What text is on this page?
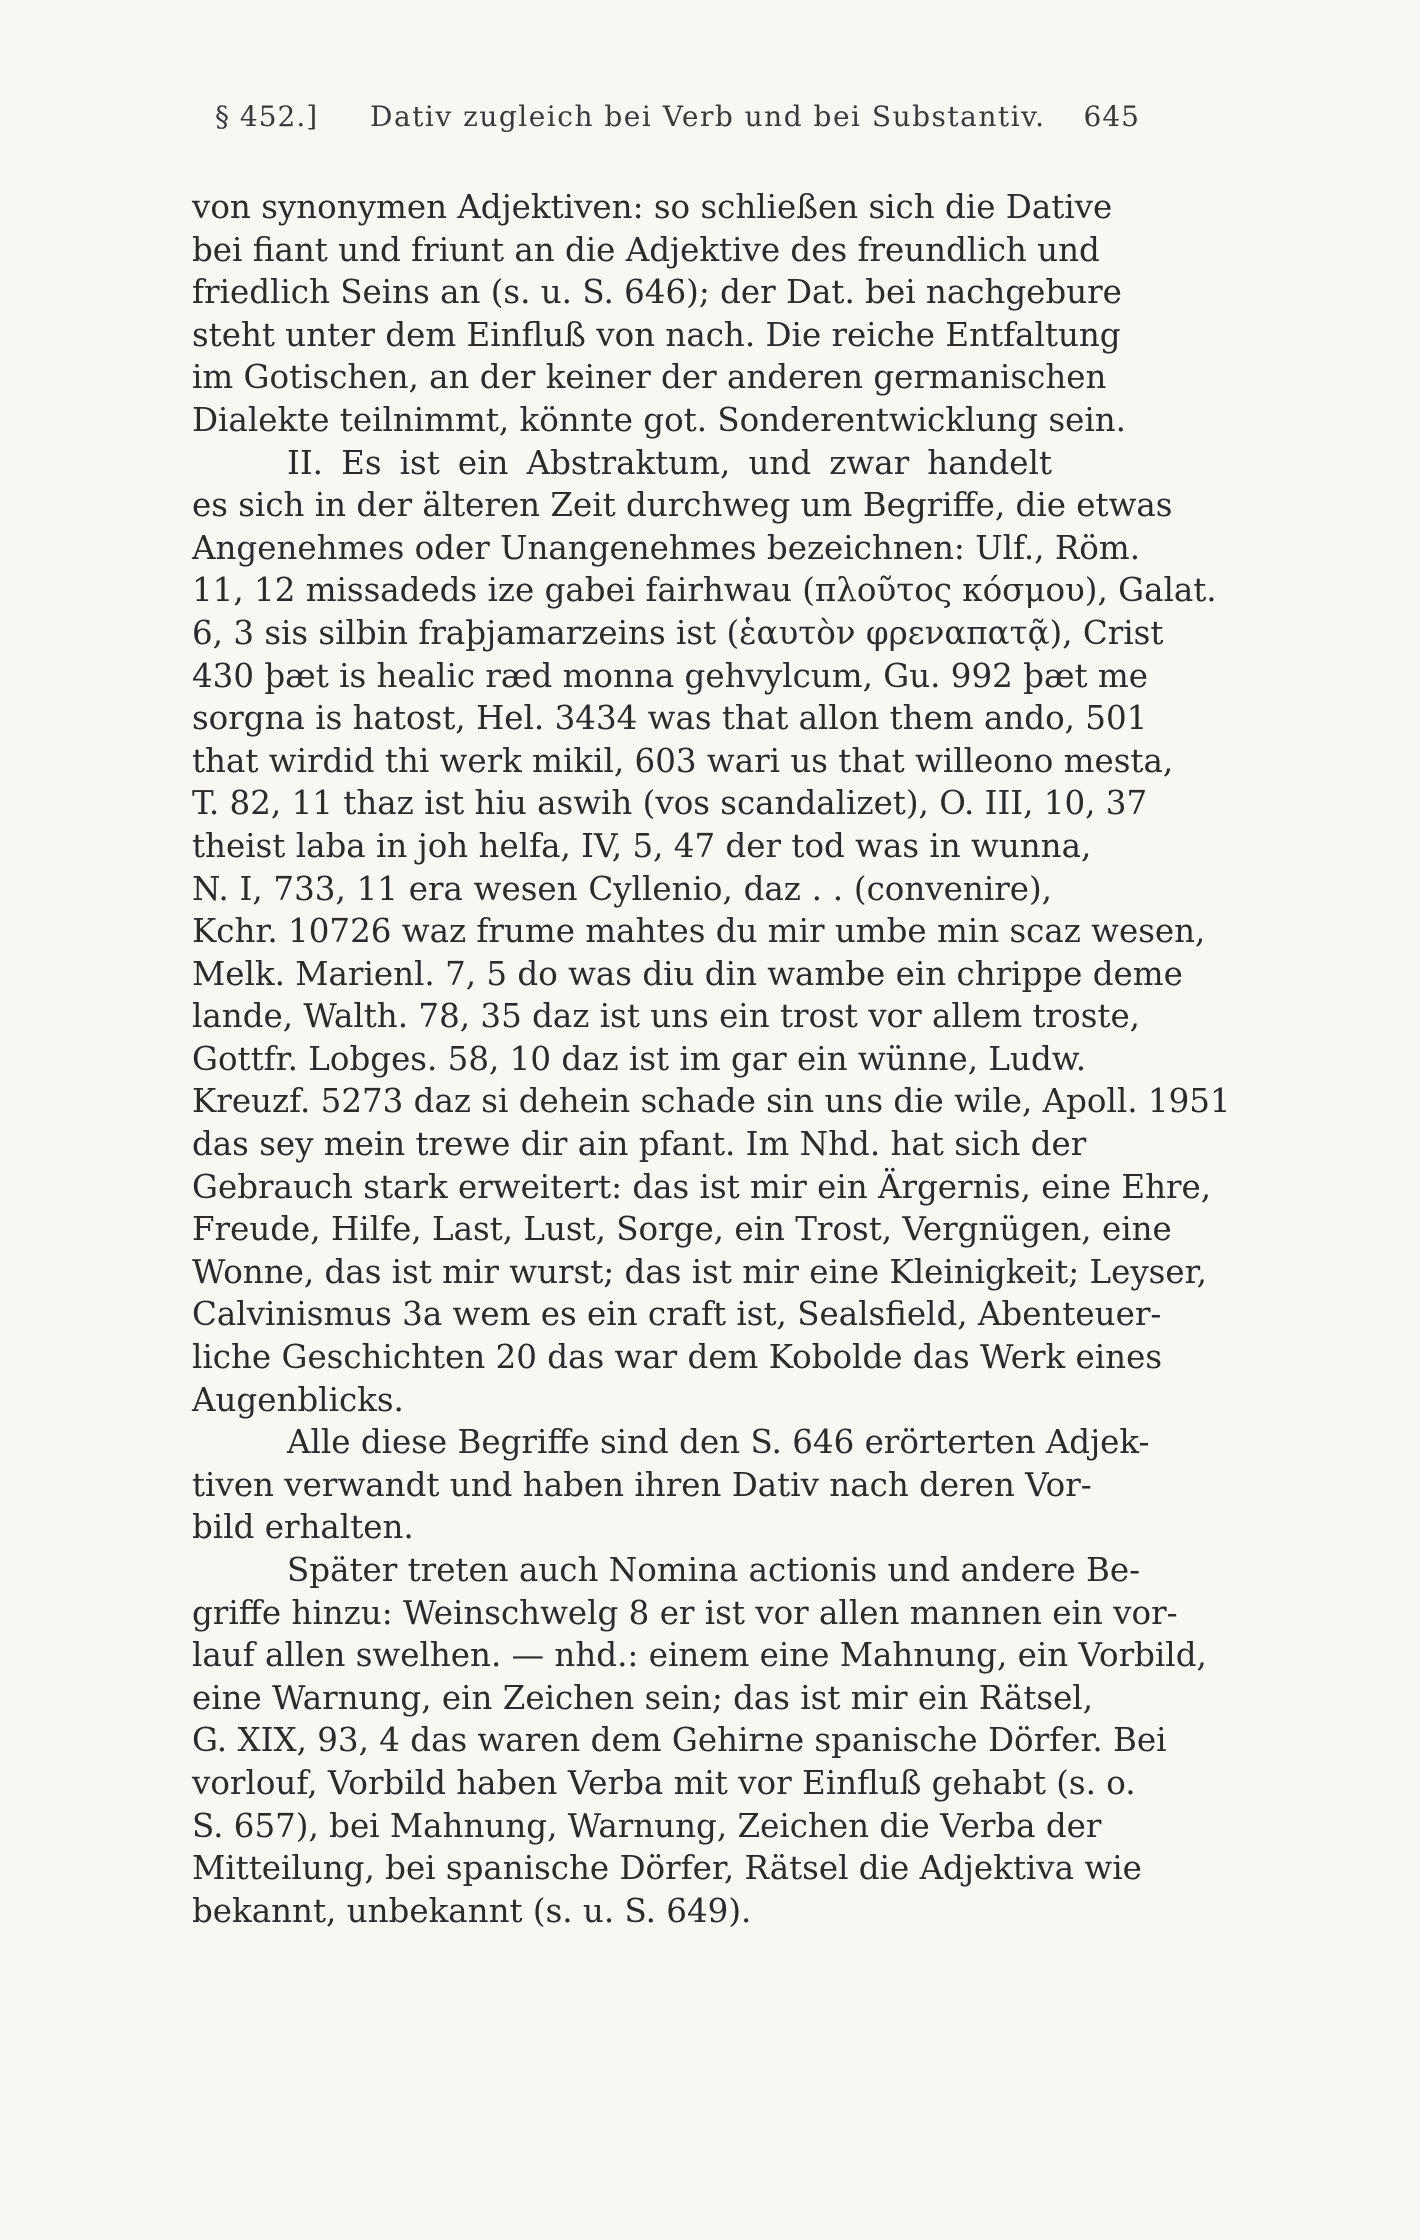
§ 452.] Dativ zugleich bei Verb und bei Substantiv. 645
von synonymen Adjektiven: so schließen sich die Dative
bei fiant und friunt an die Adjektive des freundlich und
friedlich Seins an (s. u. S. 646); der Dat. bei nachgebure
steht unter dem Einfluß von nach. Die reiche Entfaltung
im Gotischen, an der keiner der anderen germanischen
Dialekte teilnimmt, könnte got. Sonderentwicklung sein.
II. Es ist ein Abstraktum, und zwar handelt
es sich in der älteren Zeit durchweg um Begriffe, die etwas
Angenehmes oder Unangenehmes bezeichnen: Ulf., Röm.
11, 12 missadeds ize gabei fairhwau (πλοῦτος κόσμου), Galat.
6, 3 sis silbin fraþjamarzeins ist (ἑαυτὸν φρεναπατᾷ), Crist
430 þæt is healic ræd monna gehvylcum, Gu. 992 þæt me
sorgna is hatost, Hel. 3434 was that allon them ando, 501
that wirdid thi werk mikil, 603 wari us that willeono mesta,
T. 82, 11 thaz ist hiu aswih (vos scandalizet), O. III, 10, 37
theist laba in joh helfa, IV, 5, 47 der tod was in wunna,
N. I, 733, 11 era wesen Cyllenio, daz . . (convenire),
Kchr. 10726 waz frume mahtes du mir umbe min scaz wesen,
Melk. Marienl. 7, 5 do was diu din wambe ein chrippe deme
lande, Walth. 78, 35 daz ist uns ein trost vor allem troste,
Gottfr. Lobges. 58, 10 daz ist im gar ein wünne, Ludw.
Kreuzf. 5273 daz si dehein schade sin uns die wile, Apoll. 1951
das sey mein trewe dir ain pfant. Im Nhd. hat sich der
Gebrauch stark erweitert: das ist mir ein Ärgernis, eine Ehre,
Freude, Hilfe, Last, Lust, Sorge, ein Trost, Vergnügen, eine
Wonne, das ist mir wurst; das ist mir eine Kleinigkeit; Leyser,
Calvinismus 3a wem es ein craft ist, Sealsfield, Abenteuer-
liche Geschichten 20 das war dem Kobolde das Werk eines
Augenblicks.
Alle diese Begriffe sind den S. 646 erörterten Adjek-
tiven verwandt und haben ihren Dativ nach deren Vor-
bild erhalten.
Später treten auch Nomina actionis und andere Be-
griffe hinzu: Weinschwelg 8 er ist vor allen mannen ein vor-
lauf allen swelhen. — nhd.: einem eine Mahnung, ein Vorbild,
eine Warnung, ein Zeichen sein; das ist mir ein Rätsel,
G. XIX, 93, 4 das waren dem Gehirne spanische Dörfer. Bei
vorlouf, Vorbild haben Verba mit vor Einfluß gehabt (s. o.
S. 657), bei Mahnung, Warnung, Zeichen die Verba der
Mitteilung, bei spanische Dörfer, Rätsel die Adjektiva wie
bekannt, unbekannt (s. u. S. 649).
